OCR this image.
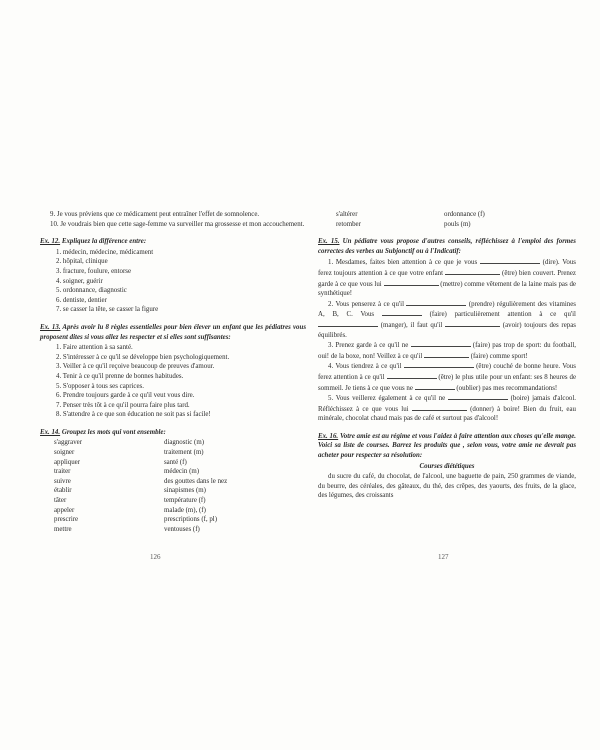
9. Je vous préviens que ce médicament peut entraîner l'effet de somnolence.

10. Je voudrais bien que cette sage-femme va surveiller ma grossesse et mon accouchement.

Ex. 12. Expliquez la différence entre:

1. médecin, médecine, médicament
2. hôpital, clinique
3. fracture, foulure, entorse
4. soigner, guérir
5. ordonnance, diagnostic
6. dentiste, dentier
7. se casser la tête, se casser la figure

Ex. 13. Après avoir lu 8 règles essentielles pour bien élever un enfant que les pédiatres vous proposent dites si vous allez les respecter et si elles sont suffisantes:

1. Faire attention à sa santé.
2. S'intéresser à ce qu'il se développe bien psychologiquement.
3. Veiller à ce qu'il reçoive beaucoup de preuves d'amour.
4. Tenir à ce qu'il prenne de bonnes habitudes.
5. S'opposer à tous ses caprices.
6. Prendre toujours garde à ce qu'il veut vous dire.
7. Penser très tôt à ce qu'il pourra faire plus tard.
8. S'attendre à ce que son éducation ne soit pas si facile!

Ex. 14. Groupez les mots qui vont ensemble:

s'aggraver	diagnostic (m)
soigner	traitement (m)
appliquer	santé (f)
traiter	médecin (m)
suivre	des gouttes dans le nez
établir	sinapismes (m)
tâter	température (f)
appeler	malade (m), (f)
prescrire	prescriptions (f, pl)
mettre	ventouses (f)
126
s'altérer	ordonnance (f)
retomber	pouls (m)

Ex. 15. Un pédiatre vous propose d'autres conseils, réfléchissez à l'emploi des formes correctes des verbes au Subjonctif ou à l'Indicatif:

1. Mesdames, faites bien attention à ce que je vous	(dire). Vous ferez toujours attention à ce que votre enfant	(être) bien couvert. Prenez garde à ce que vous lui	(mettre) comme vêtement de la laine mais pas de synthétique!

2. Vous penserez à ce qu'il	(prendre) régulièrement des vitamines A, B, C. Vous	(faire) particulièrement attention à ce qu'il  (manger), il faut qu'il	(avoir) toujours des repas équilibrés.

3. Prenez garde à ce qu'il ne	(faire) pas trop de sport: du football, oui! de la boxe, non! Veillez à ce qu'il	(faire) comme sport!

4. Vous tiendrez à ce qu'il	(être) couché de bonne heure. Vous ferez attention à ce qu'il	(être) le plus utile pour un enfant: ses 8 heures de sommeil. Je tiens à ce que vous ne	(oublier) pas mes recommandations!

5. Vous veillerez également à ce qu'il ne	(boire) jamais d'alcool. Réfléchissez à ce que vous lui	(donner) à boire! Bien du fruit, eau minérale, chocolat chaud mais pas de café et surtout pas d'alcool!

Ex. 16. Votre amie est au régime et vous l'aidez à faire attention aux choses qu'elle mange. Voici sa liste de courses. Barrez les produits que , selon vous, votre amie ne devrait pas acheter pour respecter sa résolution:

Courses diététiques

du sucre du café, du chocolat, de l'alcool, une baguette de pain, 250 grammes de viande, du beurre, des céréales, des gâteaux, du thé, des crêpes, des yaourts, des fruits, de la glace, des légumes, des croissants

127
